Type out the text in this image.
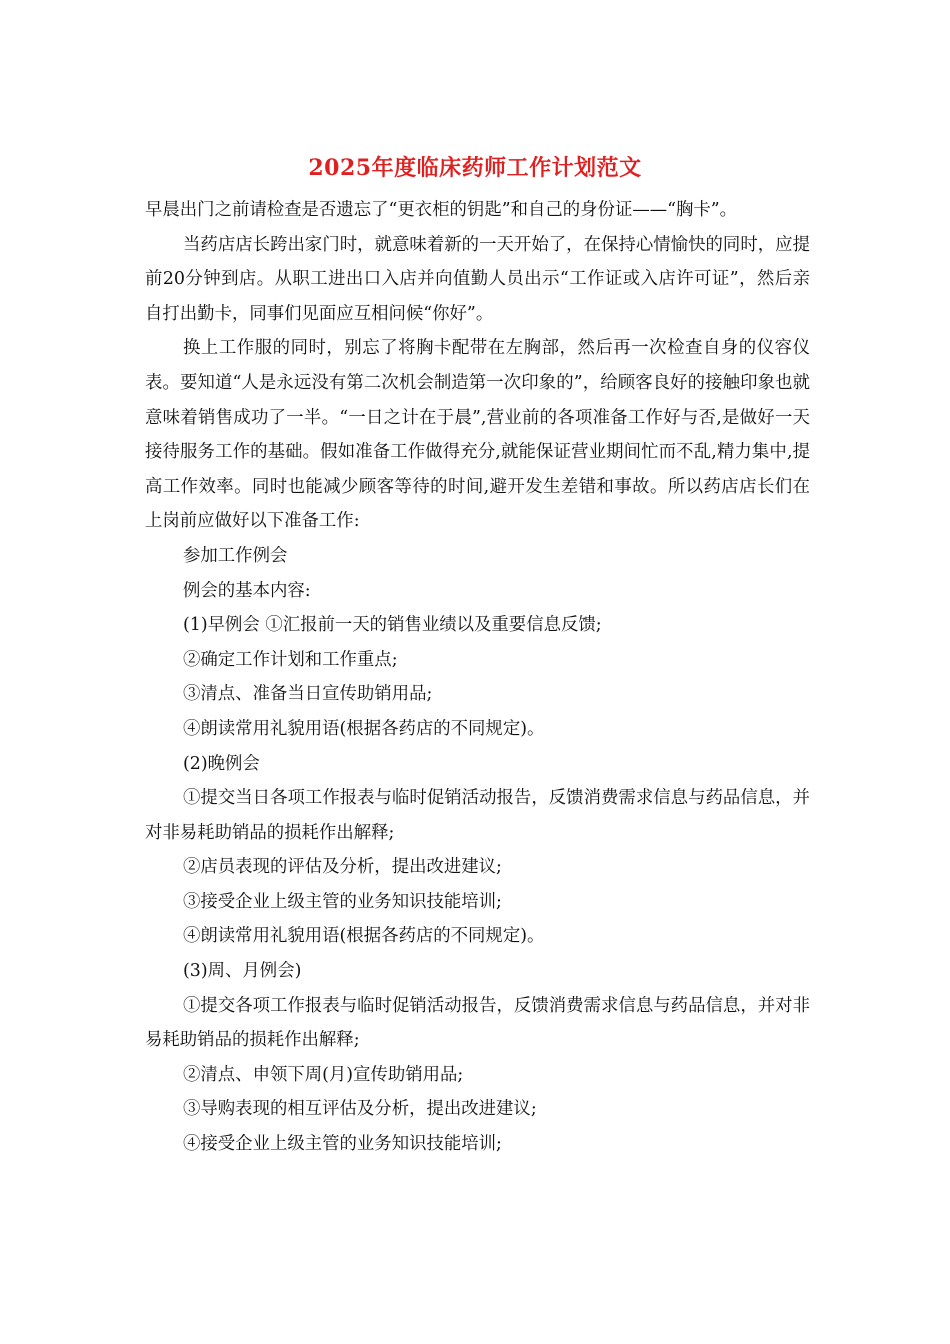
2025年度临床药师工作计划范文

早晨出门之前请检查是否遗忘了“更衣柜的钥匙”和自己的身份证——“胸卡”。

当药店店长跨出家门时，就意味着新的一天开始了，在保持心情愉快的同时，应提前20分钟到店。从职工进出口入店并向值勤人员出示“工作证或入店许可证”，然后亲自打出勤卡，同事们见面应互相问候“你好”。

换上工作服的同时，别忘了将胸卡配带在左胸部，然后再一次检查自身的仪容仪表。要知道“人是永远没有第二次机会制造第一次印象的”，给顾客良好的接触印象也就意味着销售成功了一半。“一日之计在于晨”,营业前的各项准备工作好与否,是做好一天接待服务工作的基础。假如准备工作做得充分,就能保证营业期间忙而不乱,精力集中,提高工作效率。同时也能减少顾客等待的时间,避开发生差错和事故。所以药店店长们在上岗前应做好以下准备工作:

参加工作例会

例会的基本内容:

(1)早例会 ①汇报前一天的销售业绩以及重要信息反馈;

②确定工作计划和工作重点;

③清点、准备当日宣传助销用品;

④朗读常用礼貌用语(根据各药店的不同规定)。

(2)晚例会

①提交当日各项工作报表与临时促销活动报告，反馈消费需求信息与药品信息，并对非易耗助销品的损耗作出解释;

②店员表现的评估及分析，提出改进建议;

③接受企业上级主管的业务知识技能培训;

④朗读常用礼貌用语(根据各药店的不同规定)。

(3)周、月例会)

①提交各项工作报表与临时促销活动报告，反馈消费需求信息与药品信息，并对非易耗助销品的损耗作出解释;

②清点、申领下周(月)宣传助销用品;

③导购表现的相互评估及分析，提出改进建议;

④接受企业上级主管的业务知识技能培训;
